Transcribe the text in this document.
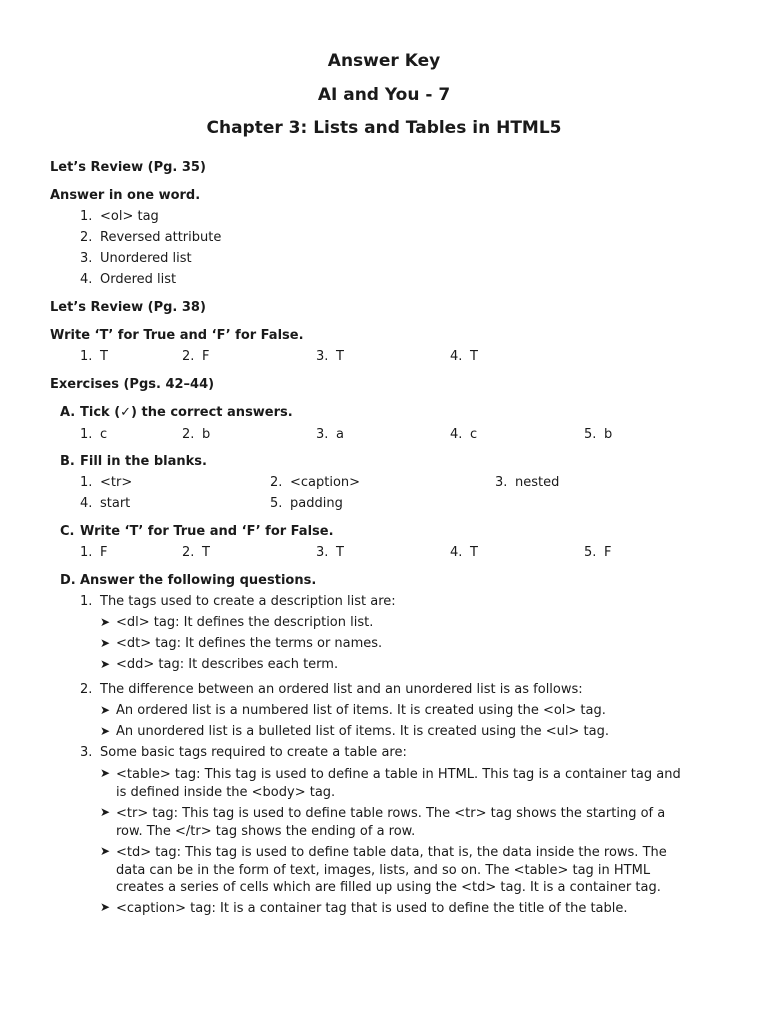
Answer Key
AI and You - 7
Chapter 3: Lists and Tables in HTML5
Let’s Review (Pg. 35)
Answer in one word.
1. <ol> tag
2. Reversed attribute
3. Unordered list
4. Ordered list
Let’s Review (Pg. 38)
Write ‘T’ for True and ‘F’ for False.
1. T	2. F	3. T	4. T
Exercises (Pgs. 42–44)
A. Tick (✓) the correct answers.
1. c	2. b	3. a	4. c	5. b
B. Fill in the blanks.
1. <tr>	2. <caption>	3. nested
4. start	5. padding
C. Write ‘T’ for True and ‘F’ for False.
1. F	2. T	3. T	4. T	5. F
D. Answer the following questions.
1. The tags used to create a description list are:
➤ <dl> tag: It defines the description list.
➤ <dt> tag: It defines the terms or names.
➤ <dd> tag: It describes each term.
2. The difference between an ordered list and an unordered list is as follows:
➤ An ordered list is a numbered list of items. It is created using the <ol> tag.
➤ An unordered list is a bulleted list of items. It is created using the <ul> tag.
3. Some basic tags required to create a table are:
➤ <table> tag: This tag is used to define a table in HTML. This tag is a container tag and is defined inside the <body> tag.
➤ <tr> tag: This tag is used to define table rows. The <tr> tag shows the starting of a row. The </tr> tag shows the ending of a row.
➤ <td> tag: This tag is used to define table data, that is, the data inside the rows. The data can be in the form of text, images, lists, and so on. The <table> tag in HTML creates a series of cells which are filled up using the <td> tag. It is a container tag.
➤ <caption> tag: It is a container tag that is used to define the title of the table.
